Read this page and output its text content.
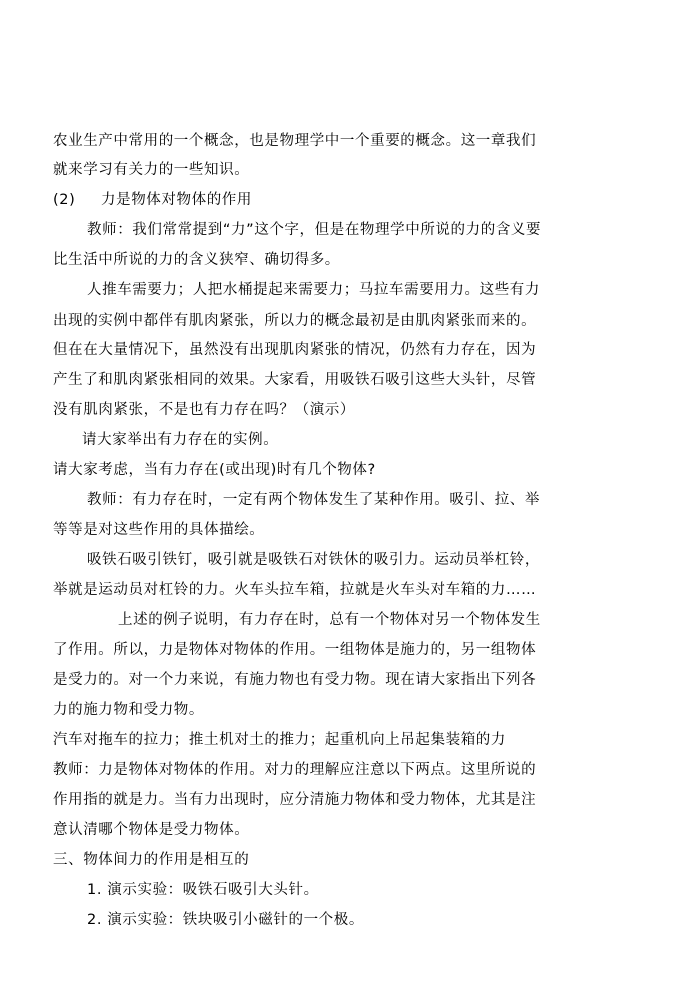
农业生产中常用的一个概念，也是物理学中一个重要的概念。这一章我们
就来学习有关力的一些知识。
(2) 力是物体对物体的作用
教师：我们常常提到“力”这个字，但是在物理学中所说的力的含义要
比生活中所说的力的含义狭窄、确切得多。
人推车需要力；人把水桶提起来需要力；马拉车需要用力。这些有力
出现的实例中都伴有肌肉紧张，所以力的概念最初是由肌肉紧张而来的。
但在在大量情况下，虽然没有出现肌肉紧张的情况，仍然有力存在，因为
产生了和肌肉紧张相同的效果。大家看，用吸铁石吸引这些大头针，尽管
没有肌肉紧张，不是也有力存在吗？（演示）
请大家举出有力存在的实例。
请大家考虑，当有力存在(或出现)时有几个物体?
教师：有力存在时，一定有两个物体发生了某种作用。吸引、拉、举
等等是对这些作用的具体描绘。
吸铁石吸引铁钉，吸引就是吸铁石对铁休的吸引力。运动员举杠铃，
举就是运动员对杠铃的力。火车头拉车箱，拉就是火车头对车箱的力……
上述的例子说明，有力存在时，总有一个物体对另一个物体发生
了作用。所以，力是物体对物体的作用。一组物体是施力的，另一组物体
是受力的。对一个力来说，有施力物也有受力物。现在请大家指出下列各
力的施力物和受力物。
汽车对拖车的拉力；推土机对土的推力；起重机向上吊起集装箱的力
教师：力是物体对物体的作用。对力的理解应注意以下两点。这里所说的
作用指的就是力。当有力出现时，应分清施力物体和受力物体，尤其是注
意认清哪个物体是受力物体。
三、物体间力的作用是相互的
1. 演示实验：吸铁石吸引大头针。
2. 演示实验：铁块吸引小磁针的一个极。
